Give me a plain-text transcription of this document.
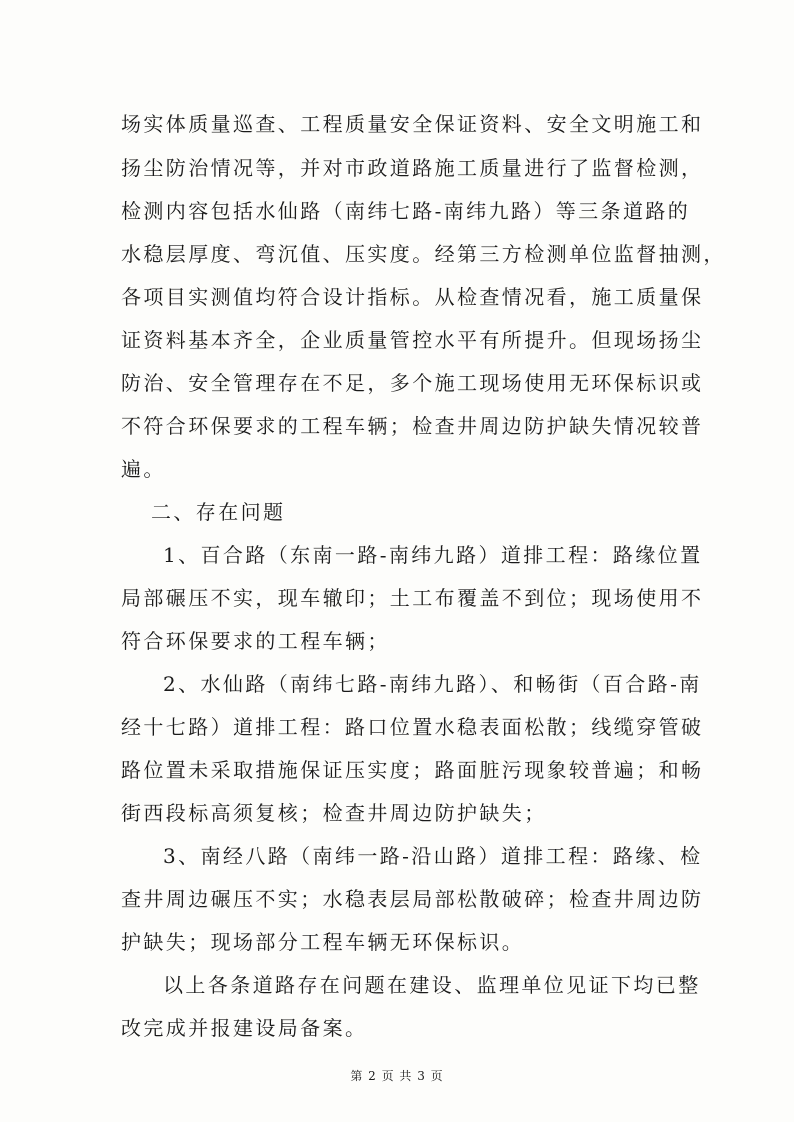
场实体质量巡查、工程质量安全保证资料、安全文明施工和
扬尘防治情况等，并对市政道路施工质量进行了监督检测，
检测内容包括水仙路（南纬七路-南纬九路）等三条道路的
水稳层厚度、弯沉值、压实度。经第三方检测单位监督抽测，
各项目实测值均符合设计指标。从检查情况看，施工质量保
证资料基本齐全，企业质量管控水平有所提升。但现场扬尘
防治、安全管理存在不足，多个施工现场使用无环保标识或
不符合环保要求的工程车辆；检查井周边防护缺失情况较普
遍。
二、存在问题
1、百合路（东南一路-南纬九路）道排工程：路缘位置
局部碾压不实，现车辙印；土工布覆盖不到位；现场使用不
符合环保要求的工程车辆；
2、水仙路（南纬七路-南纬九路）、和畅街（百合路-南
经十七路）道排工程：路口位置水稳表面松散；线缆穿管破
路位置未采取措施保证压实度；路面脏污现象较普遍；和畅
街西段标高须复核；检查井周边防护缺失；
3、南经八路（南纬一路-沿山路）道排工程：路缘、检
查井周边碾压不实；水稳表层局部松散破碎；检查井周边防
护缺失；现场部分工程车辆无环保标识。
以上各条道路存在问题在建设、监理单位见证下均已整
改完成并报建设局备案。
第 2 页 共 3 页
